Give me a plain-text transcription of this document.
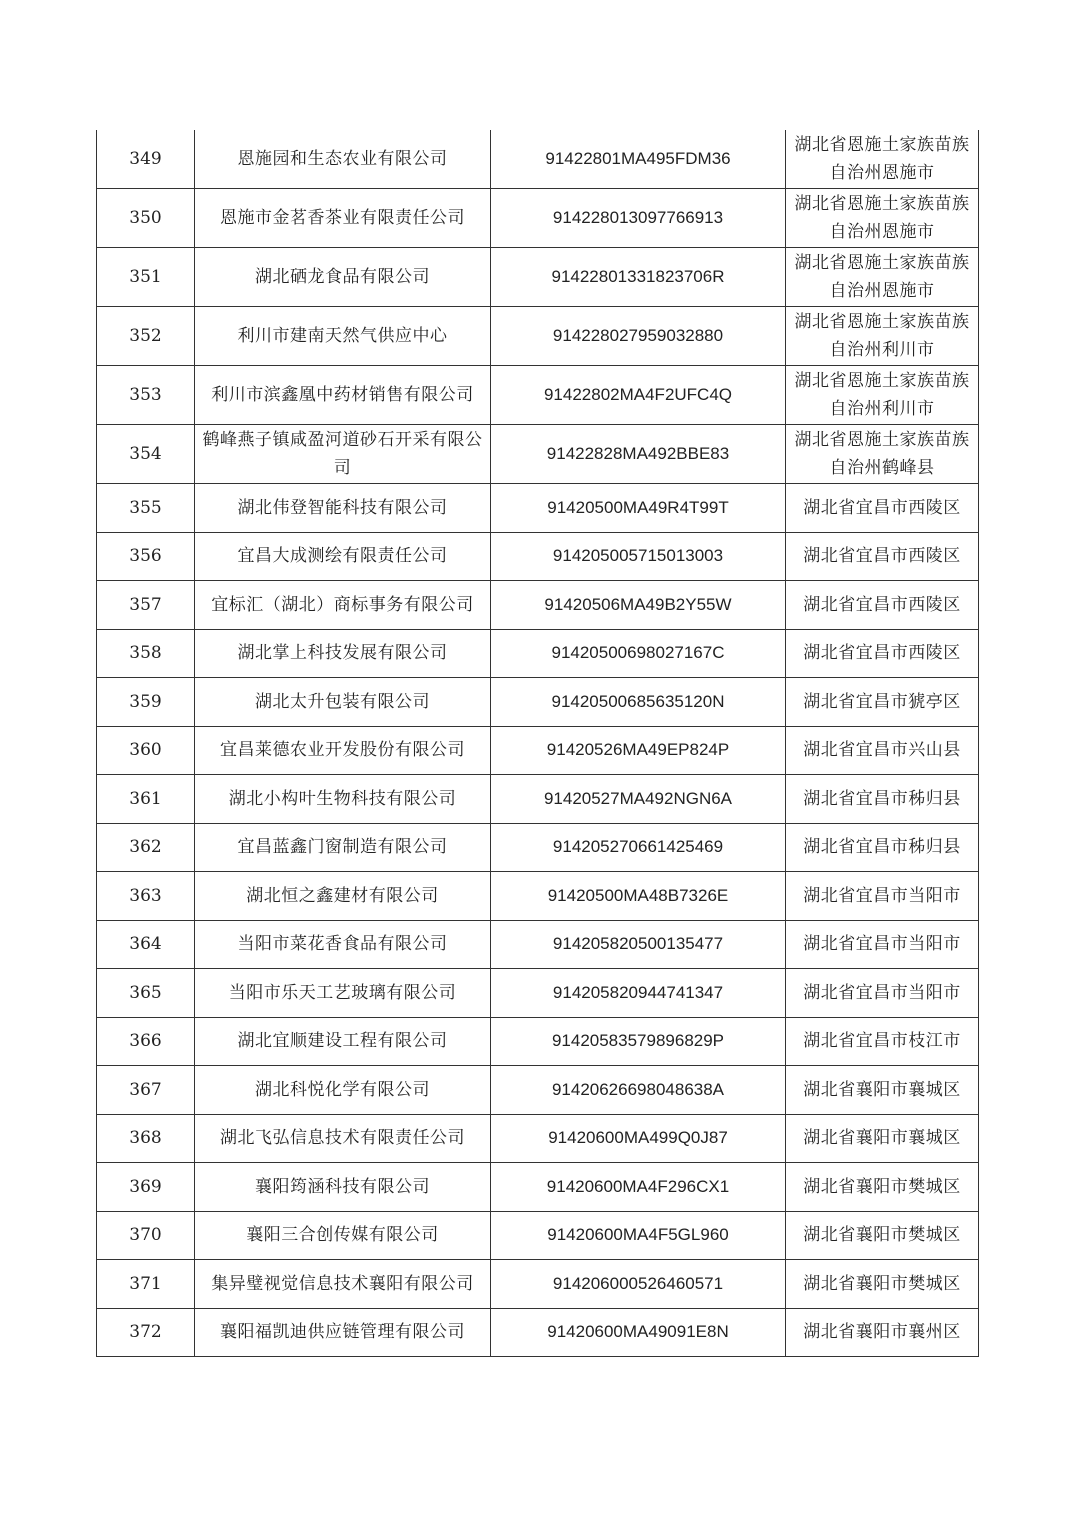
349	恩施园和生态农业有限公司	91422801MA495FDM36	湖北省恩施土家族苗族自治州恩施市
350	恩施市金茗香茶业有限责任公司	914228013097766913	湖北省恩施土家族苗族自治州恩施市
351	湖北硒龙食品有限公司	91422801331823706R	湖北省恩施土家族苗族自治州恩施市
352	利川市建南天然气供应中心	914228027959032880	湖北省恩施土家族苗族自治州利川市
353	利川市滨鑫凰中药材销售有限公司	91422802MA4F2UFC4Q	湖北省恩施土家族苗族自治州利川市
354	鹤峰燕子镇咸盈河道砂石开采有限公司	91422828MA492BBE83	湖北省恩施土家族苗族自治州鹤峰县
355	湖北伟登智能科技有限公司	91420500MA49R4T99T	湖北省宜昌市西陵区
356	宜昌大成测绘有限责任公司	914205005715013003	湖北省宜昌市西陵区
357	宜标汇（湖北）商标事务有限公司	91420506MA49B2Y55W	湖北省宜昌市西陵区
358	湖北掌上科技发展有限公司	91420500698027167C	湖北省宜昌市西陵区
359	湖北太升包装有限公司	91420500685635120N	湖北省宜昌市猇亭区
360	宜昌莱德农业开发股份有限公司	91420526MA49EP824P	湖北省宜昌市兴山县
361	湖北小构叶生物科技有限公司	91420527MA492NGN6A	湖北省宜昌市秭归县
362	宜昌蓝鑫门窗制造有限公司	914205270661425469	湖北省宜昌市秭归县
363	湖北恒之鑫建材有限公司	91420500MA48B7326E	湖北省宜昌市当阳市
364	当阳市菜花香食品有限公司	914205820500135477	湖北省宜昌市当阳市
365	当阳市乐天工艺玻璃有限公司	914205820944741347	湖北省宜昌市当阳市
366	湖北宜顺建设工程有限公司	91420583579896829P	湖北省宜昌市枝江市
367	湖北科悦化学有限公司	91420626698048638A	湖北省襄阳市襄城区
368	湖北飞弘信息技术有限责任公司	91420600MA499Q0J87	湖北省襄阳市襄城区
369	襄阳筠涵科技有限公司	91420600MA4F296CX1	湖北省襄阳市樊城区
370	襄阳三合创传媒有限公司	91420600MA4F5GL960	湖北省襄阳市樊城区
371	集异璧视觉信息技术襄阳有限公司	914206000526460571	湖北省襄阳市樊城区
372	襄阳福凯迪供应链管理有限公司	91420600MA49091E8N	湖北省襄阳市襄州区
